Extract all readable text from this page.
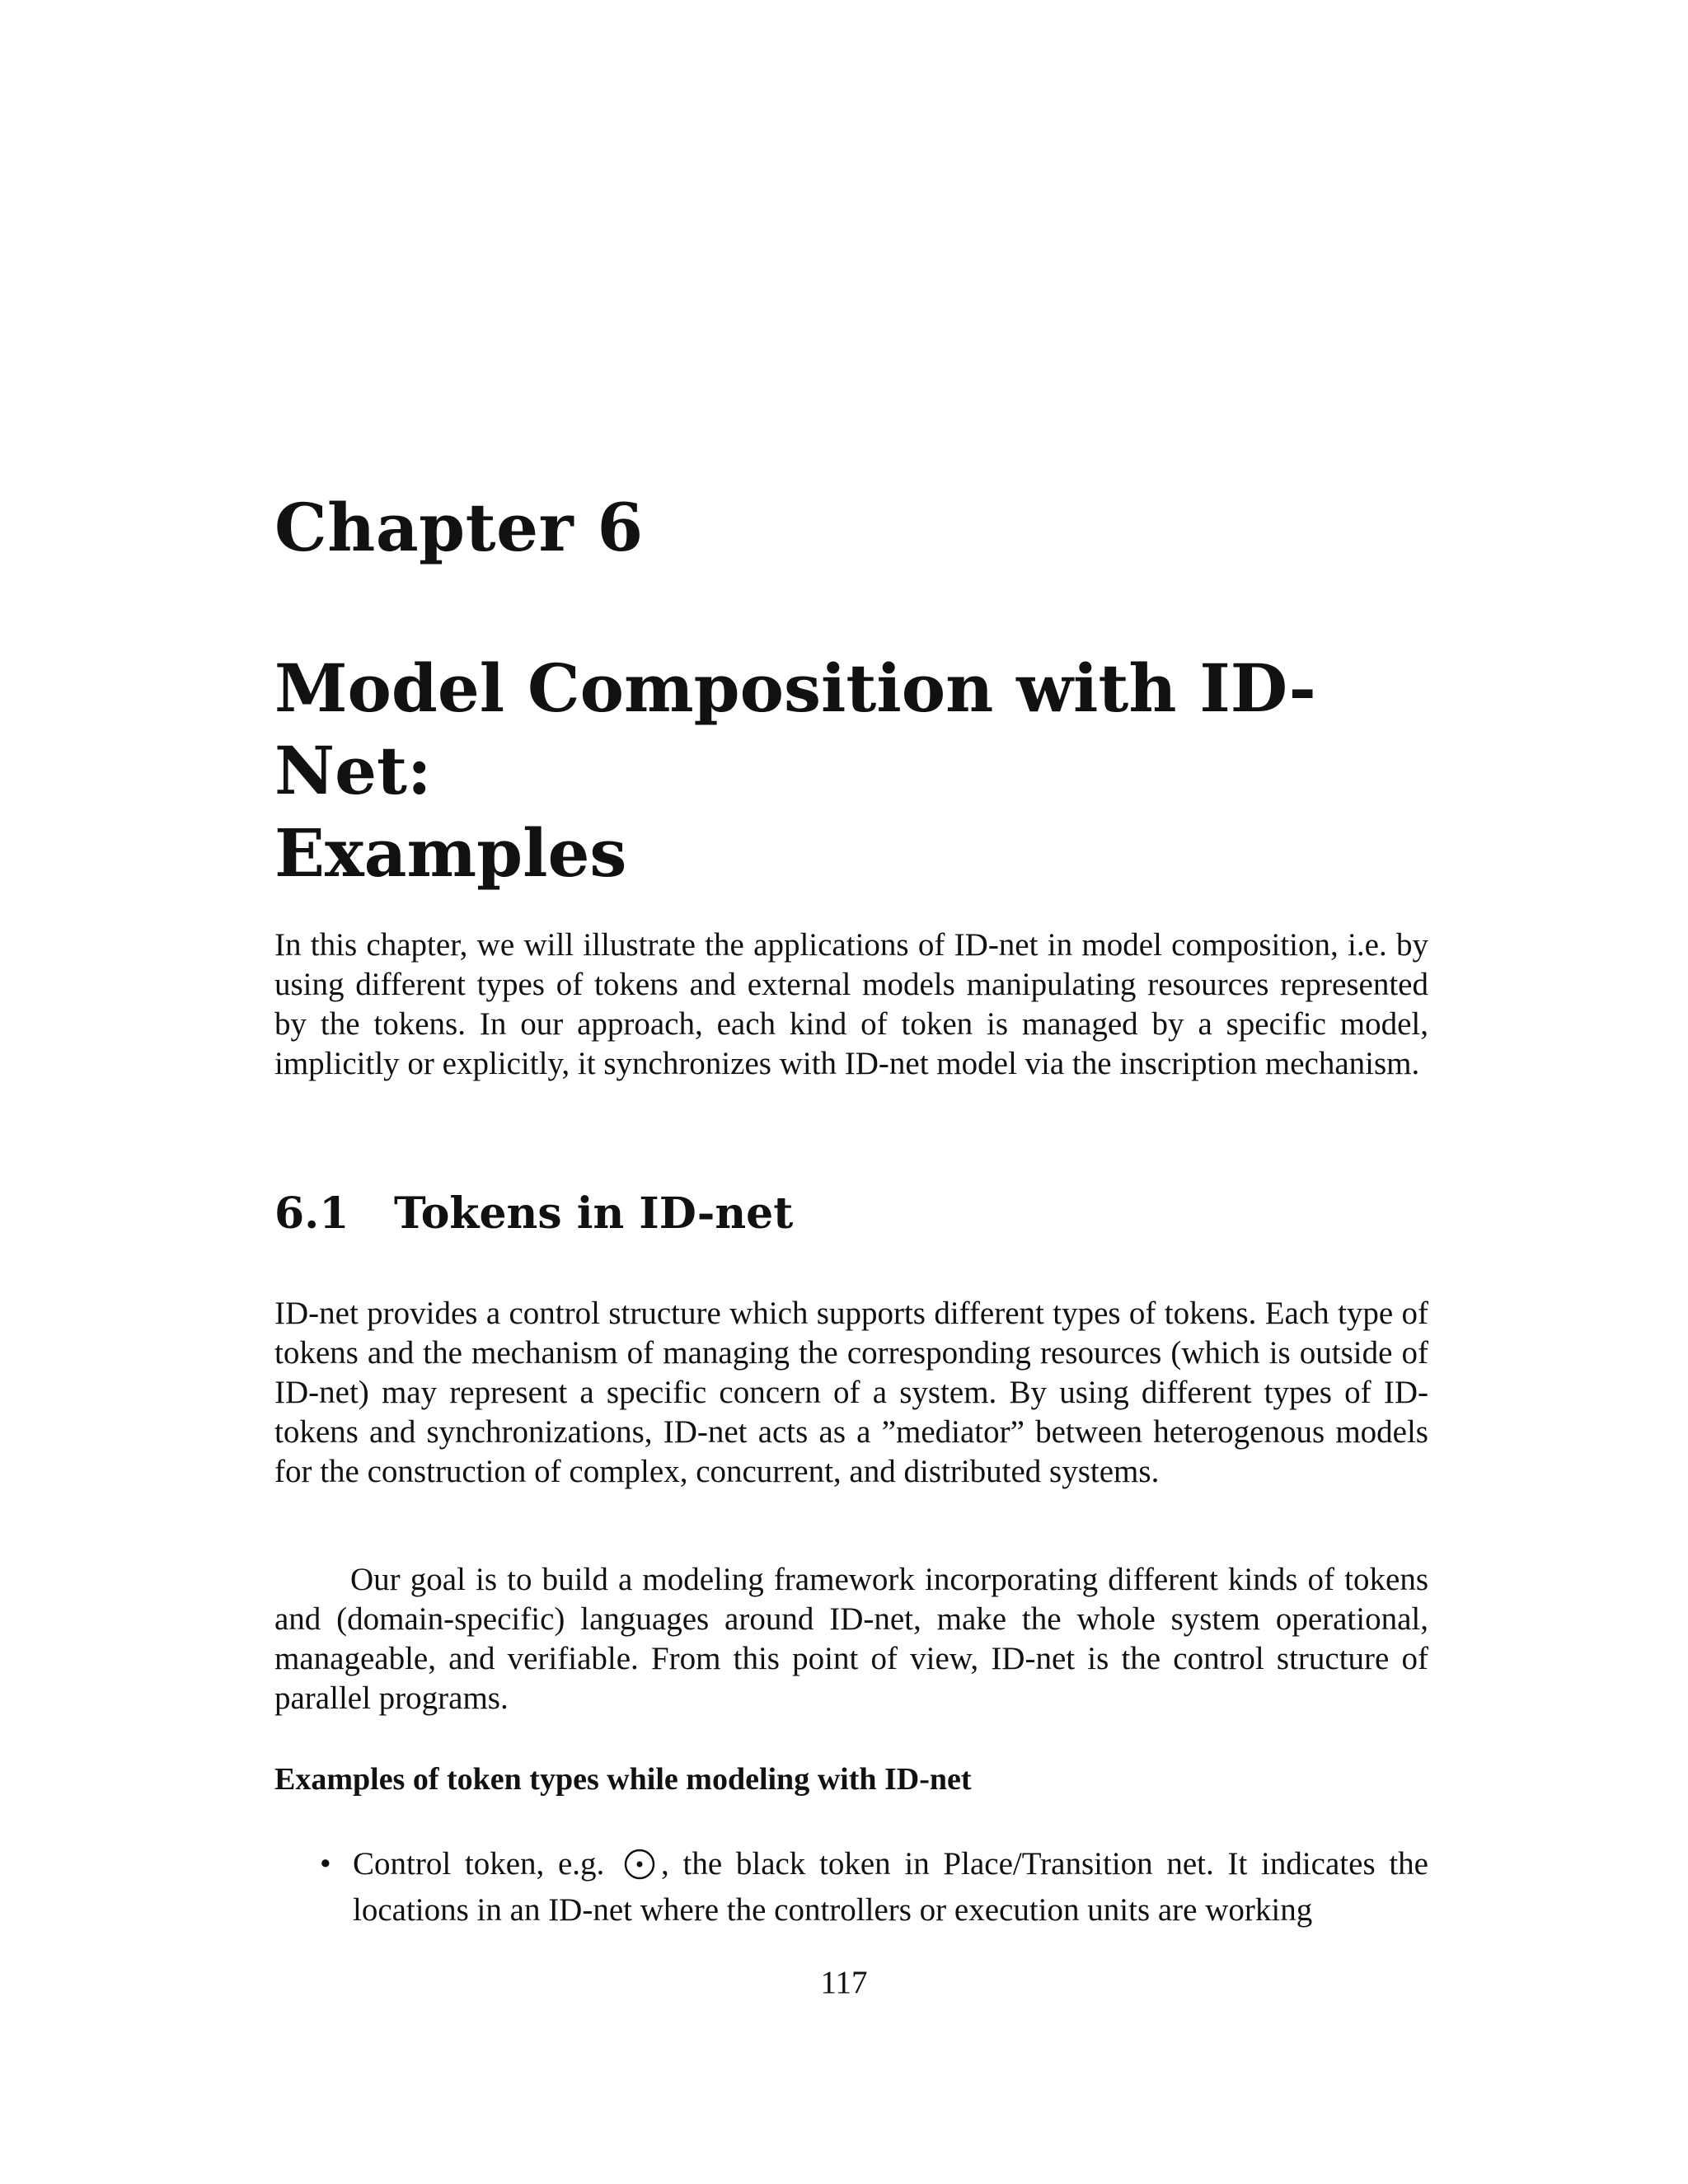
Chapter 6
Model Composition with ID-Net:
Examples

In this chapter, we will illustrate the applications of ID-net in model composition, i.e. by using different types of tokens and external models manipulating resources represented by the tokens. In our approach, each kind of token is managed by a specific model, implicitly or explicitly, it synchronizes with ID-net model via the inscription mechanism.

6.1	Tokens in ID-net

ID-net provides a control structure which supports different types of tokens. Each type of tokens and the mechanism of managing the corresponding resources (which is outside of ID-net) may represent a specific concern of a system. By using different types of ID-tokens and synchronizations, ID-net acts as a ”mediator” between heterogenous models for the construction of complex, concurrent, and distributed systems.

Our goal is to build a modeling framework incorporating different kinds of tokens and (domain-specific) languages around ID-net, make the whole system operational, manageable, and verifiable. From this point of view, ID-net is the control structure of parallel programs.

Examples of token types while modeling with ID-net
• Control token, e.g. , the black token in Place/Transition net. It indicates the locations in an ID-net where the controllers or execution units are working
117
